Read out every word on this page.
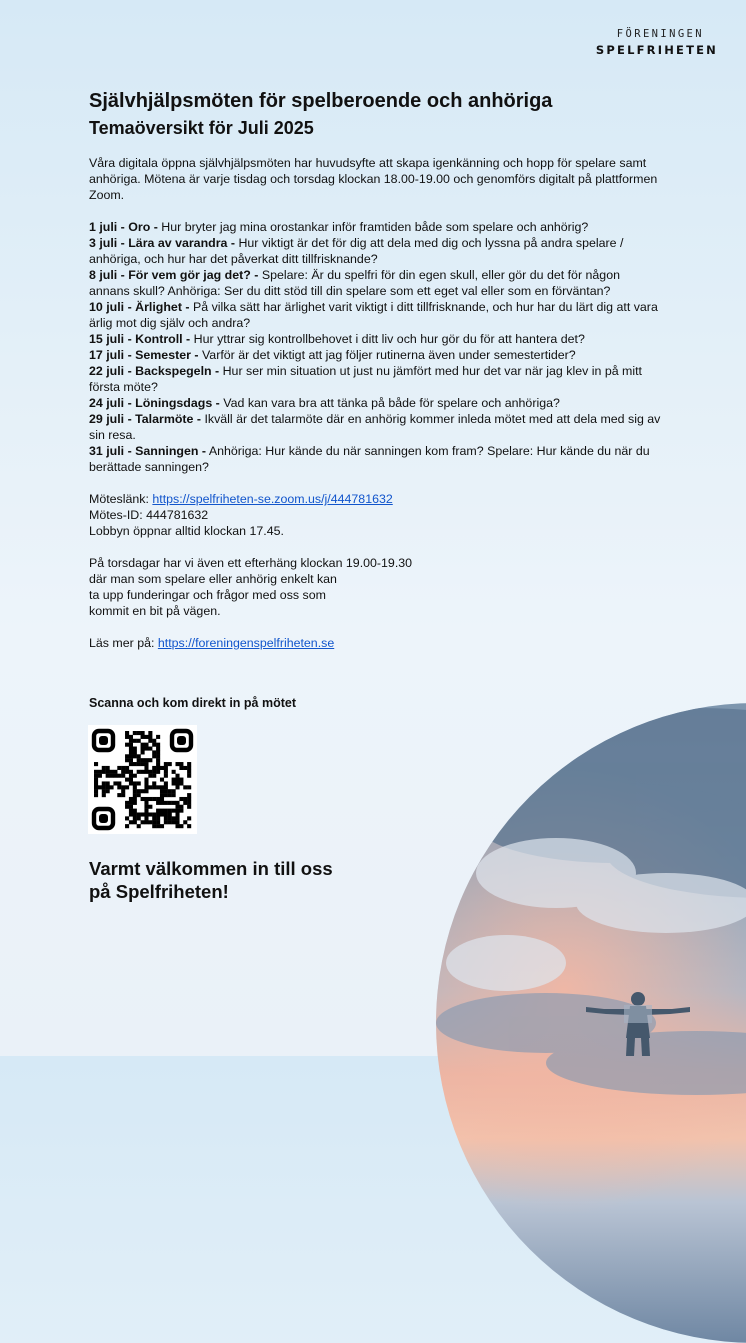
FÖRENINGEN
SPELFRIHETEN
Självhjälpsmöten för spelberoende och anhöriga
Temaöversikt för Juli 2025

Våra digitala öppna självhjälpsmöten har huvudsyfte att skapa igenkänning och hopp för spelare samt anhöriga. Mötena är varje tisdag och torsdag klockan 18.00-19.00 och genomförs digitalt på plattformen Zoom.

1 juli - Oro - Hur bryter jag mina orostankar inför framtiden både som spelare och anhörig?

3 juli - Lära av varandra - Hur viktigt är det för dig att dela med dig och lyssna på andra spelare / anhöriga, och hur har det påverkat ditt tillfrisknande?

8 juli - För vem gör jag det? - Spelare: Är du spelfri för din egen skull, eller gör du det för någon annans skull? Anhöriga: Ser du ditt stöd till din spelare som ett eget val eller som en förväntan?

10 juli - Ärlighet - På vilka sätt har ärlighet varit viktigt i ditt tillfrisknande, och hur har du lärt dig att vara ärlig mot dig själv och andra?

15 juli - Kontroll - Hur yttrar sig kontrollbehovet i ditt liv och hur gör du för att hantera det?

17 juli - Semester - Varför är det viktigt att jag följer rutinerna även under semestertider?

22 juli - Backspegeln - Hur ser min situation ut just nu jämfört med hur det var när jag klev in på mitt första möte?

24 juli - Löningsdags - Vad kan vara bra att tänka på både för spelare och anhöriga?

29 juli - Talarmöte - Ikväll är det talarmöte där en anhörig kommer inleda mötet med att dela med sig av sin resa.

31 juli - Sanningen - Anhöriga: Hur kände du när sanningen kom fram? Spelare: Hur kände du när du berättade sanningen?

Möteslänk: https://spelfriheten-se.zoom.us/j/444781632

Mötes-ID: 444781632

Lobbyn öppnar alltid klockan 17.45.

På torsdagar har vi även ett efterhäng klockan 19.00-19.30

där man som spelare eller anhörig enkelt kan

ta upp funderingar och frågor med oss som

kommit en bit på vägen.

Läs mer på: https://foreningenspelfriheten.se

Scanna och kom direkt in på mötet
Varmt välkommen in till oss på Spelfriheten!
